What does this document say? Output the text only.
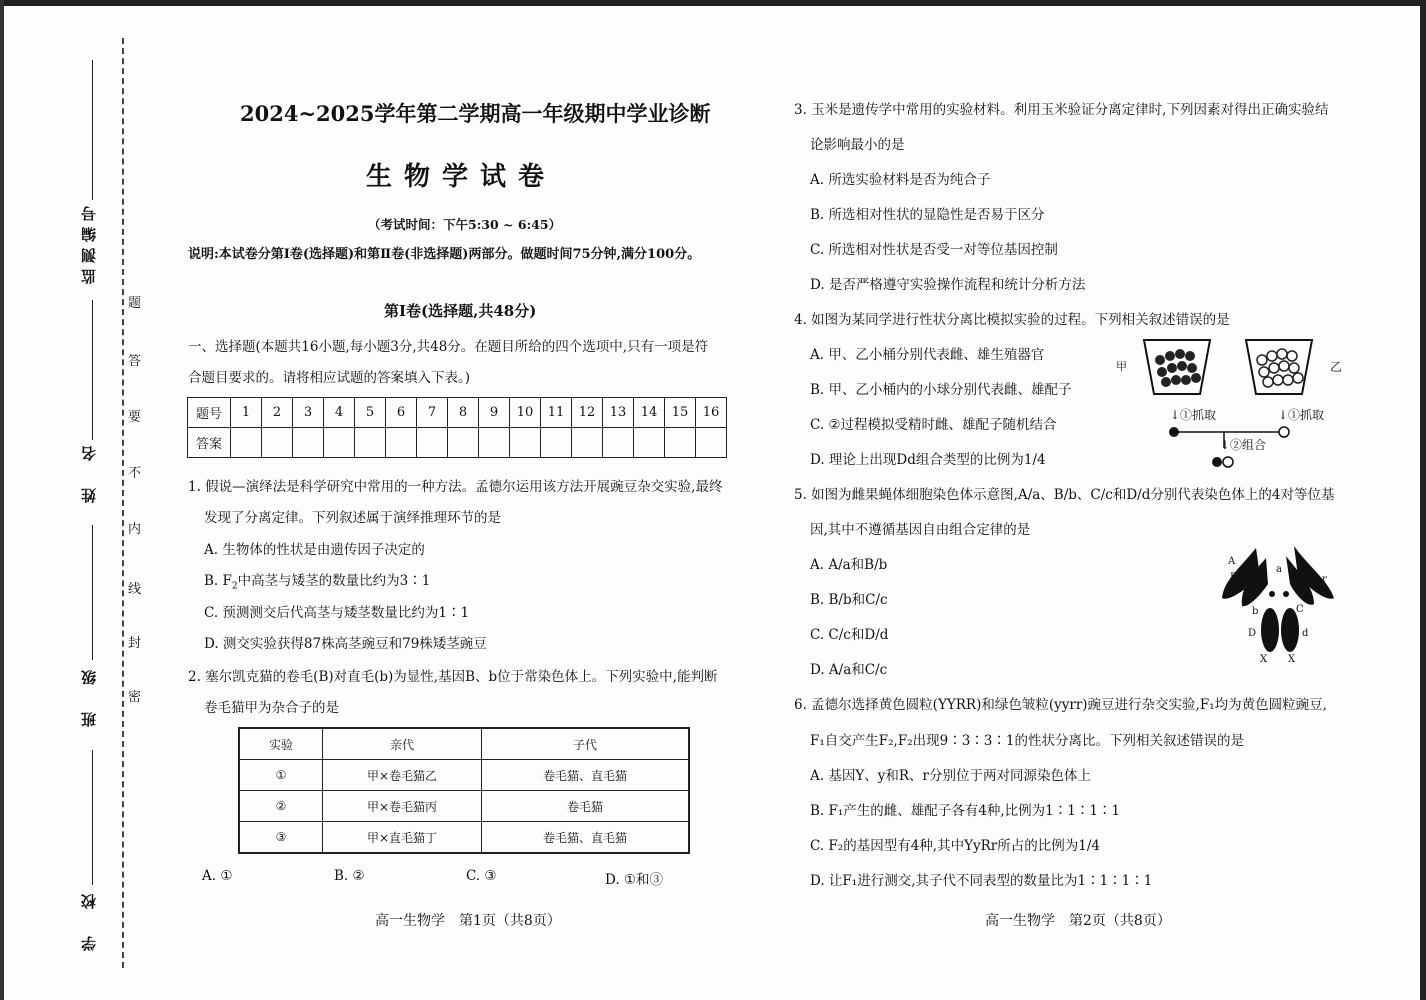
监测编号
姓　名
班　级
学　校
题
答
要
不
内
线
封
密
2024~2025学年第二学期高一年级期中学业诊断
生物学试卷
（考试时间：下午5:30 ~ 6:45）
说明:本试卷分第Ⅰ卷(选择题)和第Ⅱ卷(非选择题)两部分。做题时间75分钟,满分100分。
第Ⅰ卷(选择题,共48分)
一、选择题(本题共16小题,每小题3分,共48分。在题目所给的四个选项中,只有一项是符
合题目要求的。请将相应试题的答案填入下表。)
题号	1	2	3	4	5	6	7	8	9	10	11	12	13	14	15	16
答案																
1. 假说—演绎法是科学研究中常用的一种方法。孟德尔运用该方法开展豌豆杂交实验,最终
发现了分离定律。下列叙述属于演绎推理环节的是
A. 生物体的性状是由遗传因子决定的
B. $F_2$中高茎与矮茎的数量比约为3∶1
C. 预测测交后代高茎与矮茎数量比约为1∶1
D. 测交实验获得87株高茎豌豆和79株矮茎豌豆
2. 塞尔凯克猫的卷毛(B)对直毛(b)为显性,基因B、b位于常染色体上。下列实验中,能判断
卷毛猫甲为杂合子的是
实验	亲代	子代
①	甲×卷毛猫乙	卷毛猫、直毛猫
②	甲×卷毛猫丙	卷毛猫
③	甲×直毛猫丁	卷毛猫、直毛猫
A. ①	B. ②	C. ③	D. ①和③
高一生物学　第1页（共8页）
3. 玉米是遗传学中常用的实验材料。利用玉米验证分离定律时,下列因素对得出正确实验结
论影响最小的是
A. 所选实验材料是否为纯合子
B. 所选相对性状的显隐性是否易于区分
C. 所选相对性状是否受一对等位基因控制
D. 是否严格遵守实验操作流程和统计分析方法
4. 如图为某同学进行性状分离比模拟实验的过程。下列相关叙述错误的是
A. 甲、乙小桶分别代表雌、雄生殖器官
B. 甲、乙小桶内的小球分别代表雌、雄配子
C. ②过程模拟受精时雌、雄配子随机结合
D. 理论上出现Dd组合类型的比例为1/4
甲	乙
↓①抓取	↓①抓取
↓②组合
5. 如图为雌果蝇体细胞染色体示意图,A/a、B/b、C/c和D/d分别代表染色体上的4对等位基
因,其中不遵循基因自由组合定律的是
A. A/a和B/b
B. B/b和C/c
C. C/c和D/d
D. A/a和C/c
A
a
B	r
b	C
D	d
X X
6. 孟德尔选择黄色圆粒(YYRR)和绿色皱粒(yyrr)豌豆进行杂交实验,F₁均为黄色圆粒豌豆,
F₁自交产生F₂,F₂出现9∶3∶3∶1的性状分离比。下列相关叙述错误的是
A. 基因Y、y和R、r分别位于两对同源染色体上
B. F₁产生的雌、雄配子各有4种,比例为1∶1∶1∶1
C. F₂的基因型有4种,其中YyRr所占的比例为1/4
D. 让F₁进行测交,其子代不同表型的数量比为1∶1∶1∶1
高一生物学　第2页（共8页）
